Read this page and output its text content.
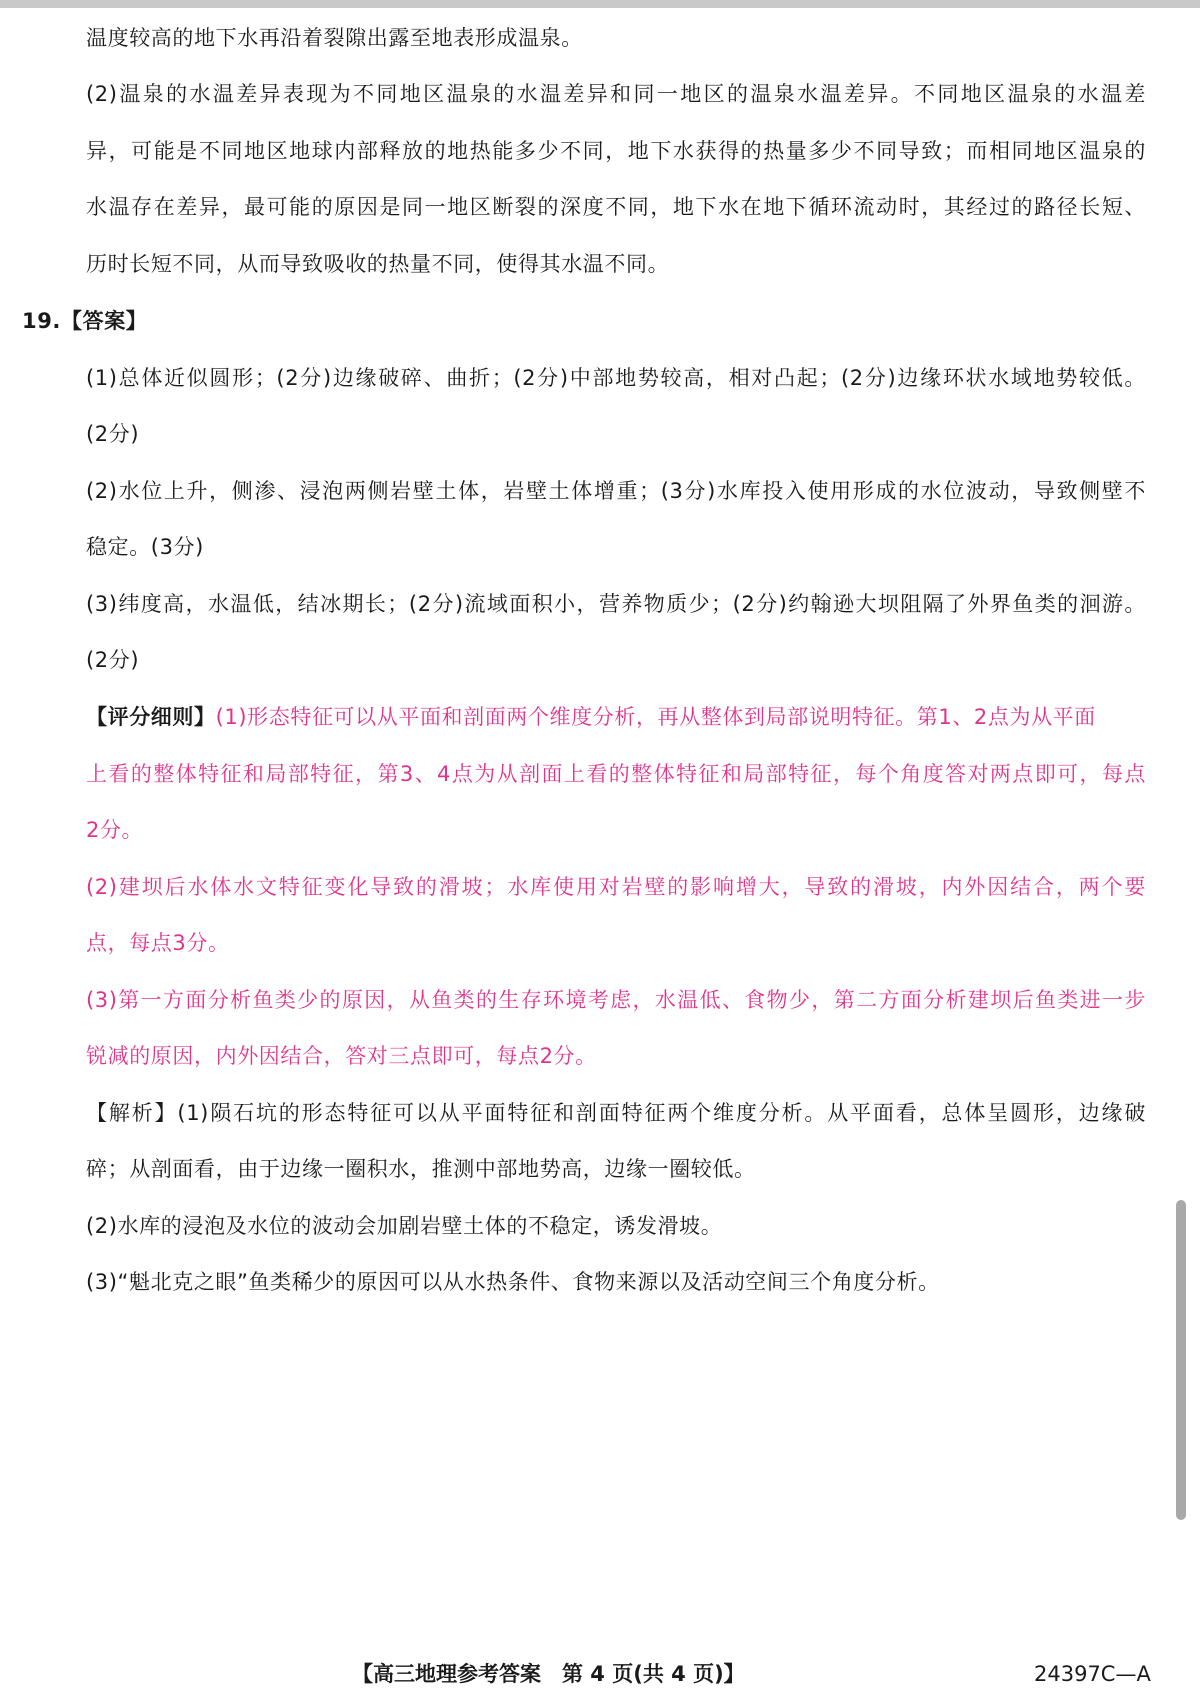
温度较高的地下水再沿着裂隙出露至地表形成温泉。
(2)温泉的水温差异表现为不同地区温泉的水温差异和同一地区的温泉水温差异。不同地区温泉的水温差
异，可能是不同地区地球内部释放的地热能多少不同，地下水获得的热量多少不同导致；而相同地区温泉的
水温存在差异，最可能的原因是同一地区断裂的深度不同，地下水在地下循环流动时，其经过的路径长短、
历时长短不同，从而导致吸收的热量不同，使得其水温不同。
19.【答案】
(1)总体近似圆形；(2分)边缘破碎、曲折；(2分)中部地势较高，相对凸起；(2分)边缘环状水域地势较低。
(2分)
(2)水位上升，侧渗、浸泡两侧岩壁土体，岩壁土体增重；(3分)水库投入使用形成的水位波动，导致侧壁不
稳定。(3分)
(3)纬度高，水温低，结冰期长；(2分)流域面积小，营养物质少；(2分)约翰逊大坝阻隔了外界鱼类的洄游。
(2分)
【评分细则】(1)形态特征可以从平面和剖面两个维度分析，再从整体到局部说明特征。第1、2点为从平面
上看的整体特征和局部特征，第3、4点为从剖面上看的整体特征和局部特征，每个角度答对两点即可，每点
2分。
(2)建坝后水体水文特征变化导致的滑坡；水库使用对岩壁的影响增大，导致的滑坡，内外因结合，两个要
点，每点3分。
(3)第一方面分析鱼类少的原因，从鱼类的生存环境考虑，水温低、食物少，第二方面分析建坝后鱼类进一步
锐减的原因，内外因结合，答对三点即可，每点2分。
【解析】(1)陨石坑的形态特征可以从平面特征和剖面特征两个维度分析。从平面看，总体呈圆形，边缘破
碎；从剖面看，由于边缘一圈积水，推测中部地势高，边缘一圈较低。
(2)水库的浸泡及水位的波动会加剧岩壁土体的不稳定，诱发滑坡。
(3)“魁北克之眼”鱼类稀少的原因可以从水热条件、食物来源以及活动空间三个角度分析。
【高三地理参考答案　第 4 页(共 4 页)】	24397C—A
